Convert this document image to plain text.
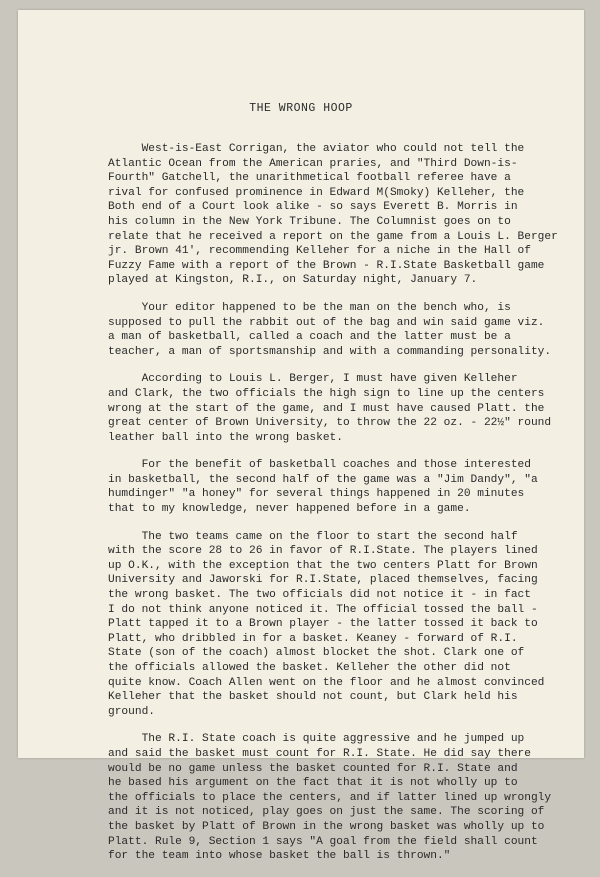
THE WRONG HOOP
West-is-East Corrigan, the aviator who could not tell the
Atlantic Ocean from the American praries, and "Third Down-is-
Fourth" Gatchell, the unarithmetical football referee have a
rival for confused prominence in Edward M(Smoky) Kelleher, the
Both end of a Court look alike - so says Everett B. Morris in
his column in the New York Tribune. The Columnist goes on to
relate that he received a report on the game from a Louis L. Berger
jr. Brown 41', recommending Kelleher for a niche in the Hall of
Fuzzy Fame with a report of the Brown - R.I.State Basketball game
played at Kingston, R.I., on Saturday night, January 7.
Your editor happened to be the man on the bench who, is
supposed to pull the rabbit out of the bag and win said game viz.
a man of basketball, called a coach and the latter must be a
teacher, a man of sportsmanship and with a commanding personality.
According to Louis L. Berger, I must have given Kelleher
and Clark, the two officials the high sign to line up the centers
wrong at the start of the game, and I must have caused Platt. the
great center of Brown University, to throw the 22 oz. - 22½" round
leather ball into the wrong basket.
For the benefit of basketball coaches and those interested
in basketball, the second half of the game was a "Jim Dandy", "a
humdinger" "a honey" for several things happened in 20 minutes
that to my knowledge, never happened before in a game.
The two teams came on the floor to start the second half
with the score 28 to 26 in favor of R.I.State. The players lined
up O.K., with the exception that the two centers Platt for Brown
University and Jaworski for R.I.State, placed themselves, facing
the wrong basket. The two officials did not notice it - in fact
I do not think anyone noticed it. The official tossed the ball -
Platt tapped it to a Brown player - the latter tossed it back to
Platt, who dribbled in for a basket. Keaney - forward of R.I.
State (son of the coach) almost blocket the shot. Clark one of
the officials allowed the basket. Kelleher the other did not
quite know. Coach Allen went on the floor and he almost convinced
Kelleher that the basket should not count, but Clark held his
ground.
The R.I. State coach is quite aggressive and he jumped up
and said the basket must count for R.I. State. He did say there
would be no game unless the basket counted for R.I. State and
he based his argument on the fact that it is not wholly up to
the officials to place the centers, and if latter lined up wrongly
and it is not noticed, play goes on just the same. The scoring of
the basket by Platt of Brown in the wrong basket was wholly up to
Platt. Rule 9, Section 1 says "A goal from the field shall count
for the team into whose basket the ball is thrown."
